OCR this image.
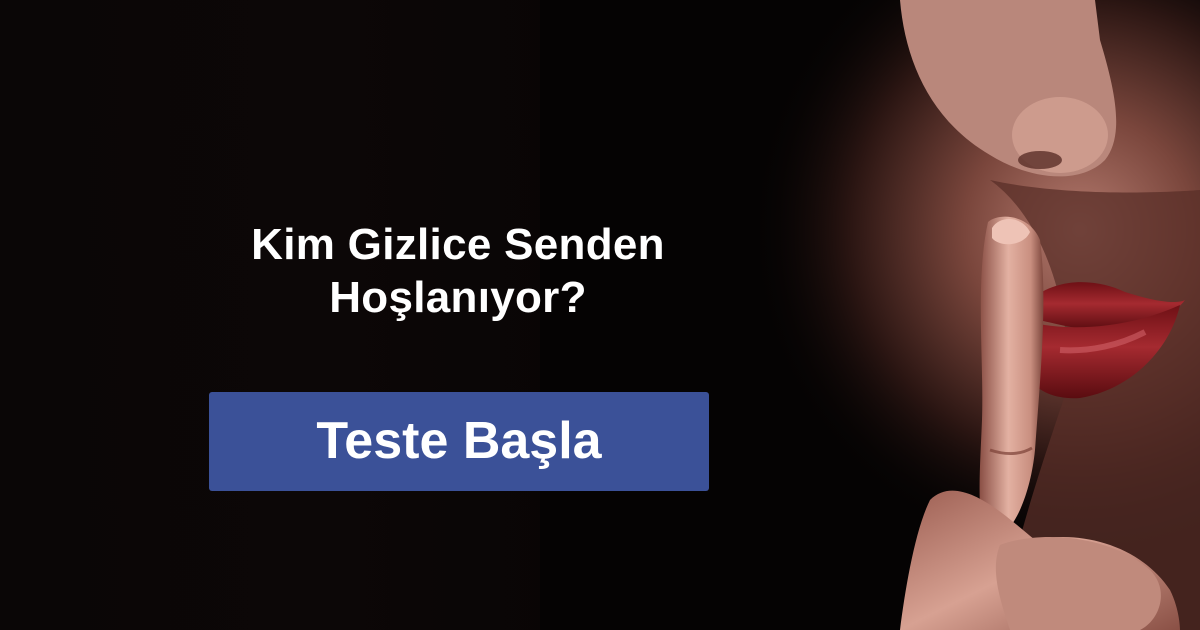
Kim Gizlice Senden
Hoşlanıyor?
Teste Başla
